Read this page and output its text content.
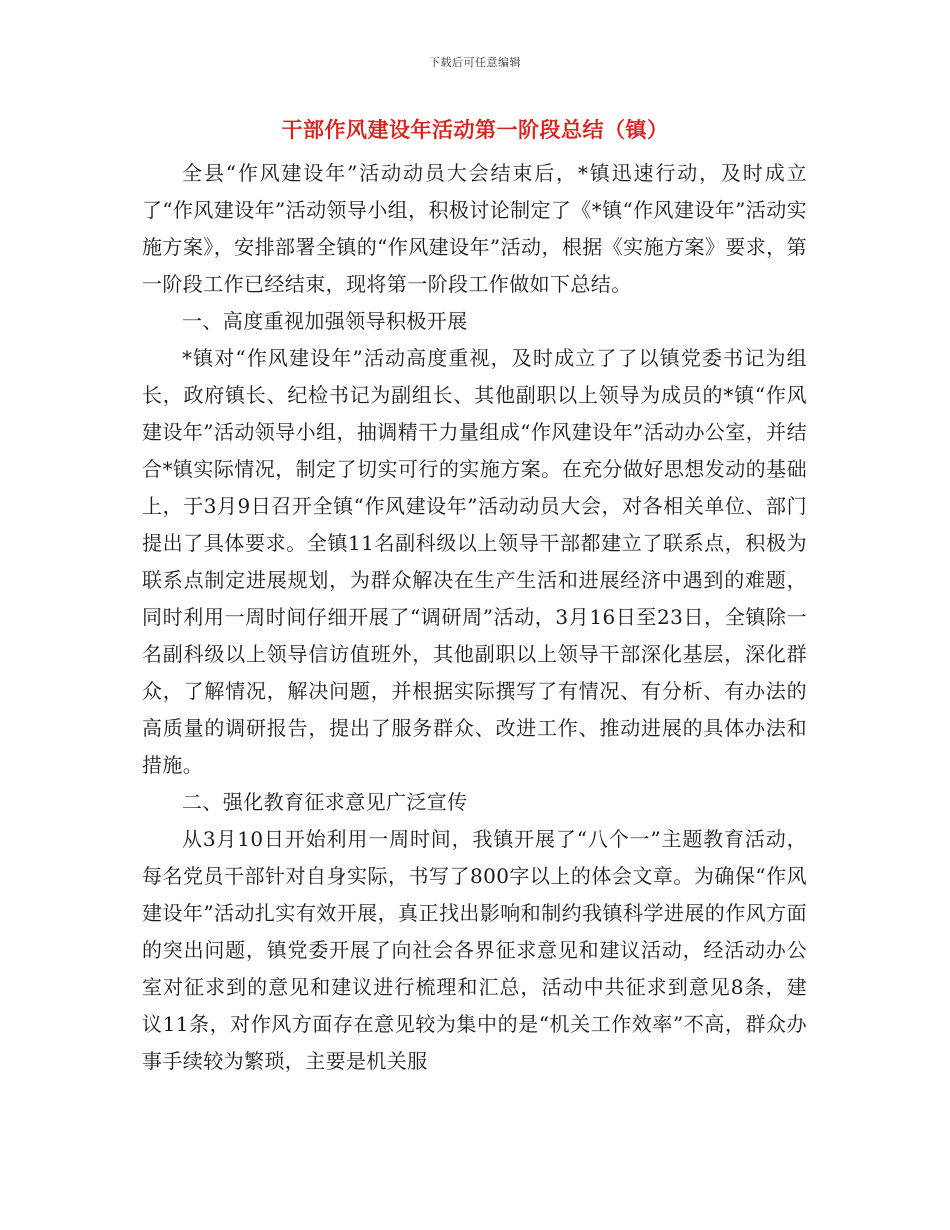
下载后可任意编辑
干部作风建设年活动第一阶段总结（镇）

全县“作风建设年”活动动员大会结束后，*镇迅速行动，及时成立了“作风建设年”活动领导小组，积极讨论制定了《*镇“作风建设年”活动实施方案》，安排部署全镇的“作风建设年”活动，根据《实施方案》要求，第一阶段工作已经结束，现将第一阶段工作做如下总结。

一、高度重视加强领导积极开展

*镇对“作风建设年”活动高度重视，及时成立了了以镇党委书记为组长，政府镇长、纪检书记为副组长、其他副职以上领导为成员的*镇“作风建设年”活动领导小组，抽调精干力量组成“作风建设年”活动办公室，并结合*镇实际情况，制定了切实可行的实施方案。在充分做好思想发动的基础上，于3月9日召开全镇“作风建设年”活动动员大会，对各相关单位、部门提出了具体要求。全镇11名副科级以上领导干部都建立了联系点，积极为联系点制定进展规划，为群众解决在生产生活和进展经济中遇到的难题，同时利用一周时间仔细开展了“调研周”活动，3月16日至23日，全镇除一名副科级以上领导信访值班外，其他副职以上领导干部深化基层，深化群众，了解情况，解决问题，并根据实际撰写了有情况、有分析、有办法的高质量的调研报告，提出了服务群众、改进工作、推动进展的具体办法和措施。

二、强化教育征求意见广泛宣传

从3月10日开始利用一周时间，我镇开展了“八个一”主题教育活动，每名党员干部针对自身实际，书写了800字以上的体会文章。为确保“作风建设年”活动扎实有效开展，真正找出影响和制约我镇科学进展的作风方面的突出问题，镇党委开展了向社会各界征求意见和建议活动，经活动办公室对征求到的意见和建议进行梳理和汇总，活动中共征求到意见8条，建议11条，对作风方面存在意见较为集中的是“机关工作效率”不高，群众办事手续较为繁琐，主要是机关服
